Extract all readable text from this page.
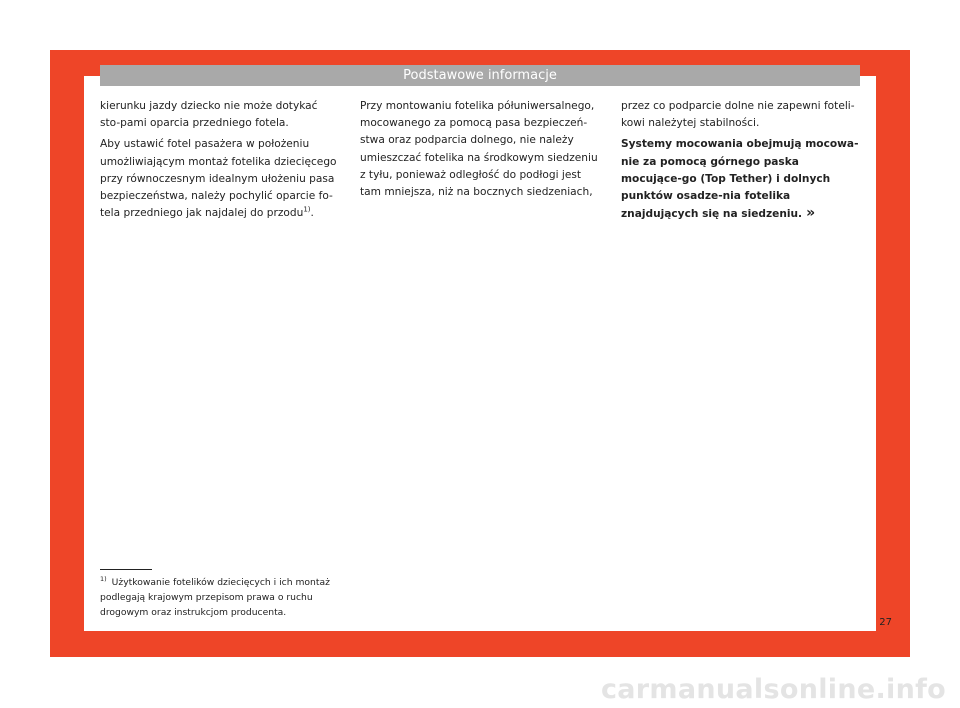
Podstawowe informacje

kierunku jazdy dziecko nie może dotykać sto-pami oparcia przedniego fotela.

Aby ustawić fotel pasażera w położeniu umożliwiającym montaż fotelika dziecięcego przy równoczesnym idealnym ułożeniu pasa bezpieczeństwa, należy pochylić oparcie fo-tela przedniego jak najdalej do przodu$^{1)}$.

Przy montowaniu fotelika półuniwersalnego, mocowanego za pomocą pasa bezpieczeń-stwa oraz podparcia dolnego, nie należy umieszczać fotelika na środkowym siedzeniu z tyłu, ponieważ odległość do podłogi jest tam mniejsza, niż na bocznych siedzeniach,

przez co podparcie dolne nie zapewni foteli-kowi należytej stabilności.

Systemy mocowania obejmują mocowa-nie za pomocą górnego paska mocujące-go (Top Tether) i dolnych punktów osadze-nia fotelika znajdujących się na siedzeniu. »

$^{1)}$ Użytkowanie fotelików dziecięcych i ich montaż podlegają krajowym przepisom prawa o ruchu drogowym oraz instrukcjom producenta.
27
carmanualsonline.info
